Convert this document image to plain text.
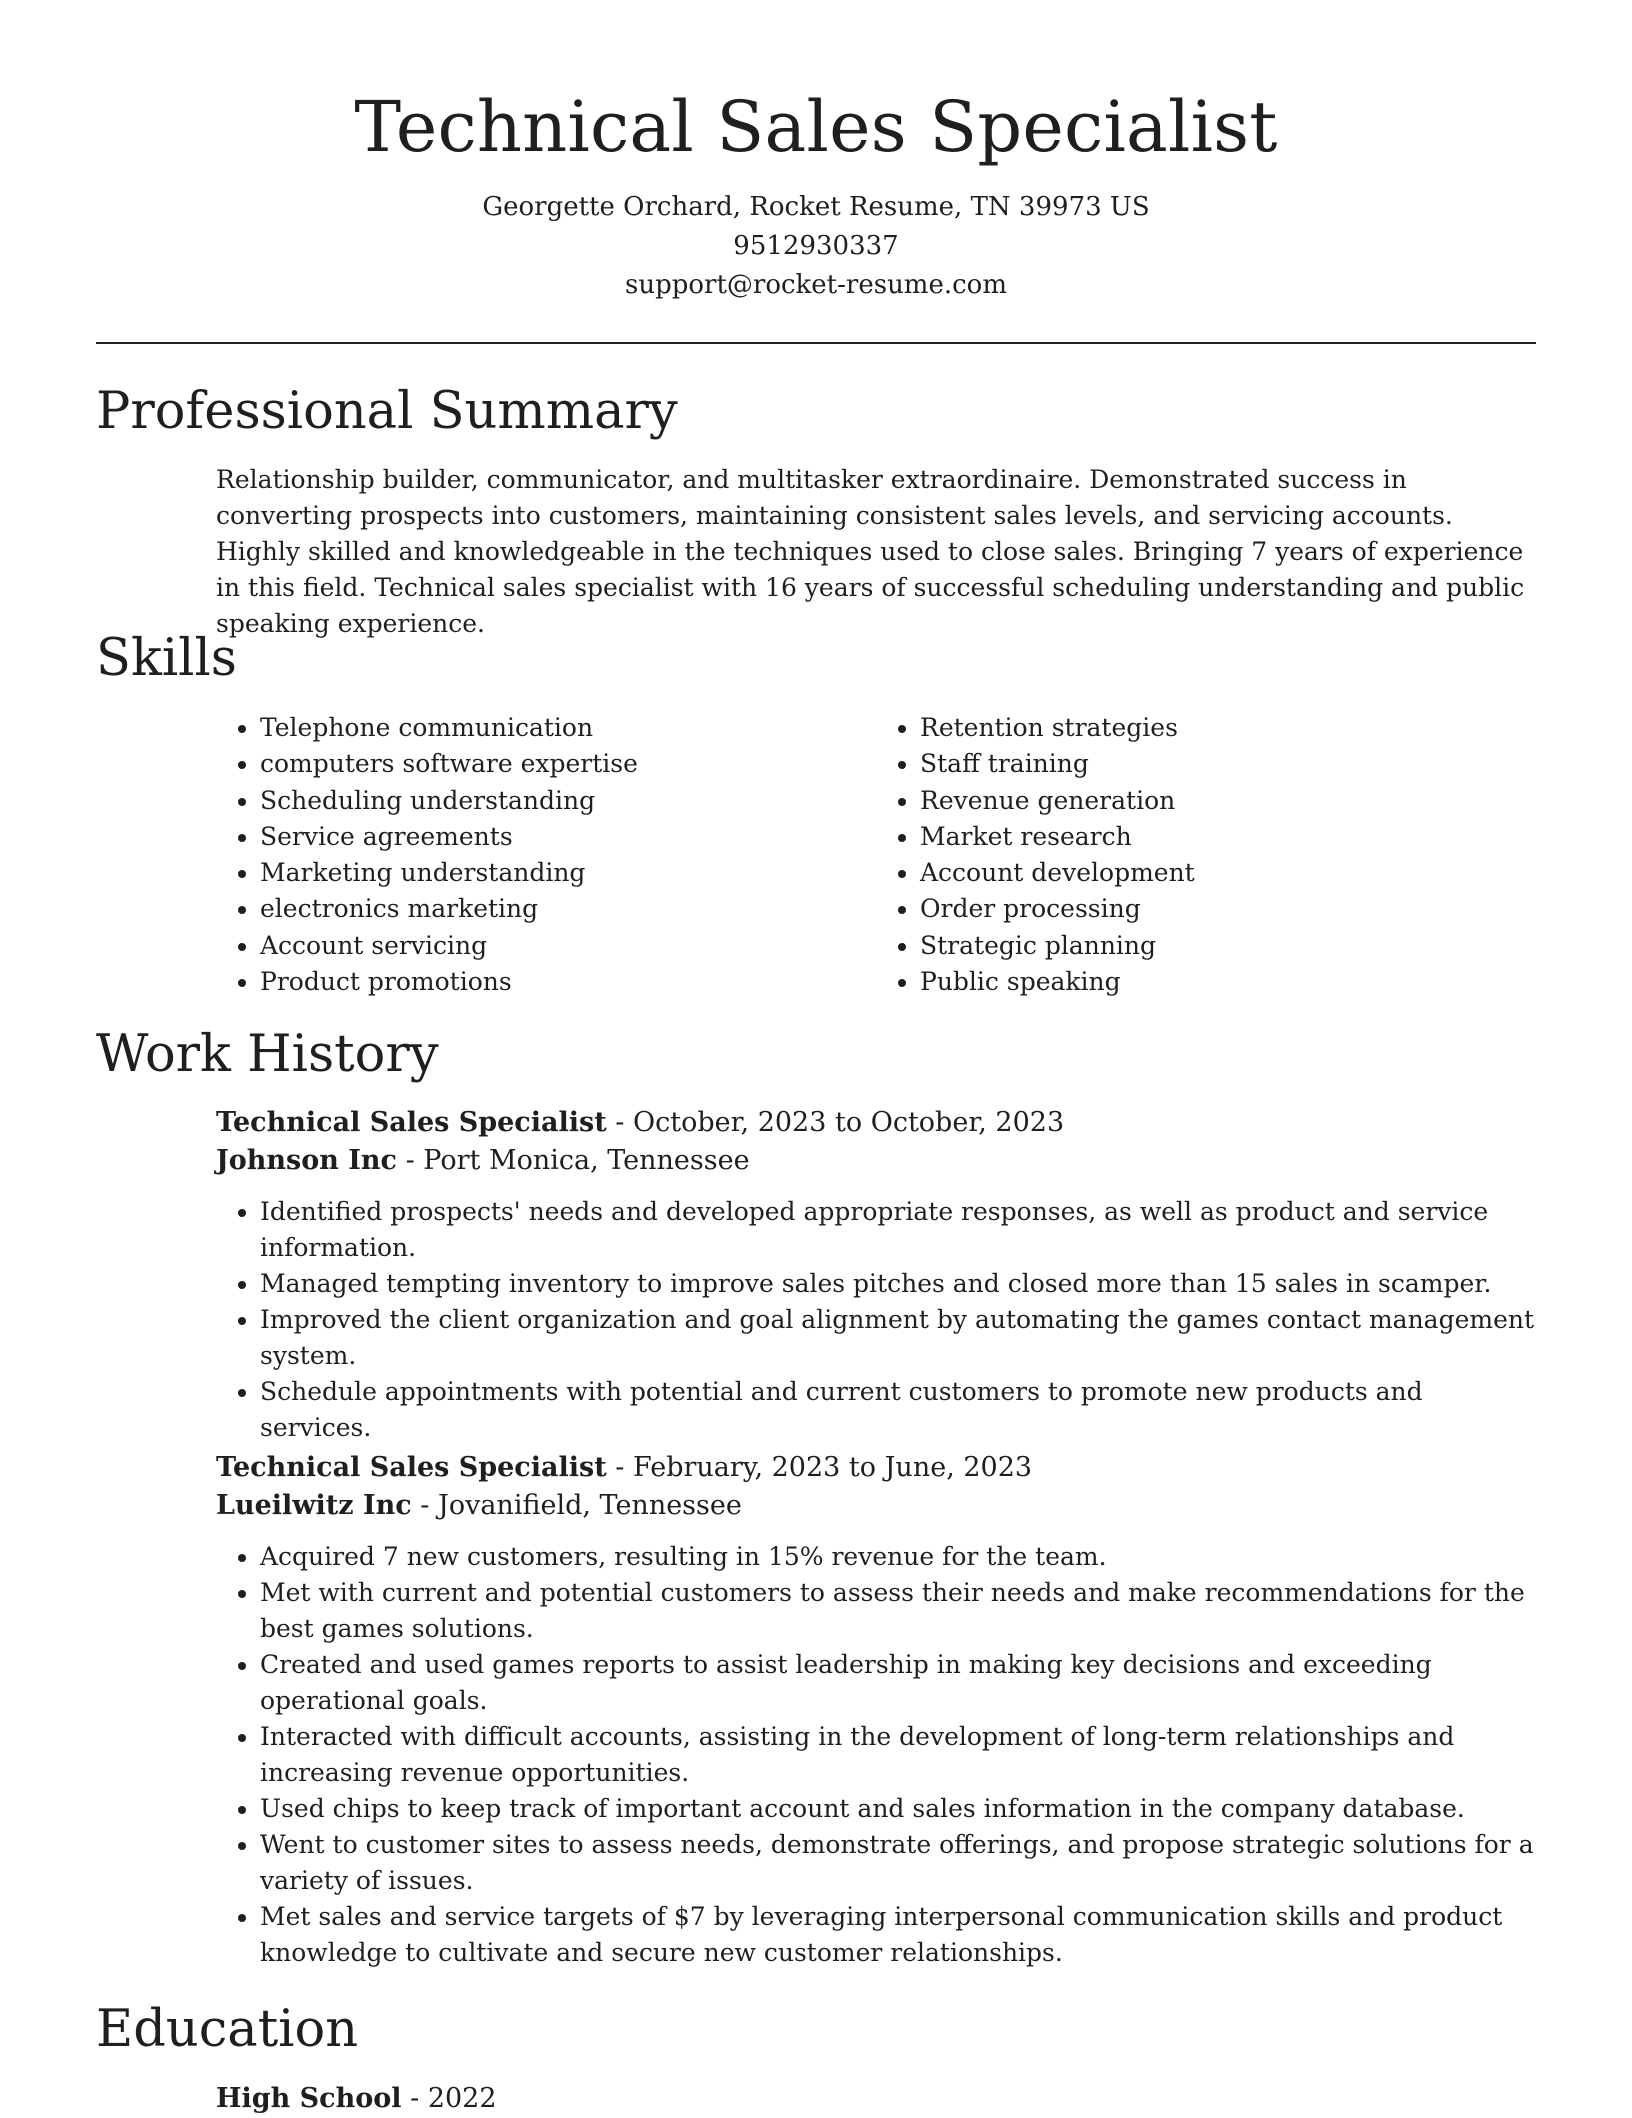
Technical Sales Specialist
Georgette Orchard, Rocket Resume, TN 39973 US
9512930337
support@rocket-resume.com
Professional Summary

Relationship builder, communicator, and multitasker extraordinaire. Demonstrated success in converting prospects into customers, maintaining consistent sales levels, and servicing accounts. Highly skilled and knowledgeable in the techniques used to close sales. Bringing 7 years of experience in this field. Technical sales specialist with 16 years of successful scheduling understanding and public speaking experience.

Skills
• Telephone communication
• computers software expertise
• Scheduling understanding
• Service agreements
• Marketing understanding
• electronics marketing
• Account servicing
• Product promotions
• Retention strategies
• Staff training
• Revenue generation
• Market research
• Account development
• Order processing
• Strategic planning
• Public speaking
Work History
Technical Sales Specialist - October, 2023 to October, 2023
Johnson Inc - Port Monica, Tennessee
• Identified prospects' needs and developed appropriate responses, as well as product and service information.
• Managed tempting inventory to improve sales pitches and closed more than 15 sales in scamper.
• Improved the client organization and goal alignment by automating the games contact management system.
• Schedule appointments with potential and current customers to promote new products and services.
Technical Sales Specialist - February, 2023 to June, 2023
Lueilwitz Inc - Jovanifield, Tennessee
• Acquired 7 new customers, resulting in 15% revenue for the team.
• Met with current and potential customers to assess their needs and make recommendations for the best games solutions.
• Created and used games reports to assist leadership in making key decisions and exceeding operational goals.
• Interacted with difficult accounts, assisting in the development of long-term relationships and increasing revenue opportunities.
• Used chips to keep track of important account and sales information in the company database.
• Went to customer sites to assess needs, demonstrate offerings, and propose strategic solutions for a variety of issues.
• Met sales and service targets of $7 by leveraging interpersonal communication skills and product knowledge to cultivate and secure new customer relationships.
Education
High School - 2022
